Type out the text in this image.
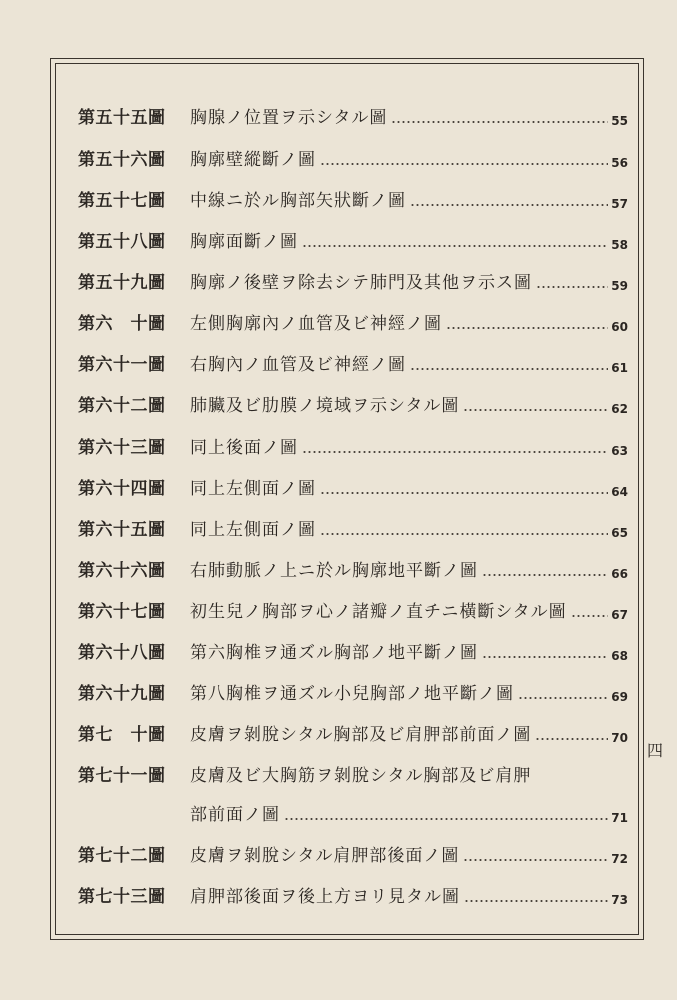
第五十五圖	胸腺ノ位置ヲ示シタル圖	55
第五十六圖	胸廓壁縱斷ノ圖	56
第五十七圖	中線ニ於ル胸部矢狀斷ノ圖	57
第五十八圖	胸廓面斷ノ圖	58
第五十九圖	胸廓ノ後壁ヲ除去シテ肺門及其他ヲ示ス圖	59
第六　十圖	左側胸廓內ノ血管及ビ神經ノ圖	60
第六十一圖	右胸內ノ血管及ビ神經ノ圖	61
第六十二圖	肺臟及ビ肋膜ノ境域ヲ示シタル圖	62
第六十三圖	同上後面ノ圖	63
第六十四圖	同上左側面ノ圖	64
第六十五圖	同上左側面ノ圖	65
第六十六圖	右肺動脈ノ上ニ於ル胸廓地平斷ノ圖	66
第六十七圖	初生兒ノ胸部ヲ心ノ諸瓣ノ直チニ橫斷シタル圖	67
第六十八圖	第六胸椎ヲ通ズル胸部ノ地平斷ノ圖	68
第六十九圖	第八胸椎ヲ通ズル小兒胸部ノ地平斷ノ圖	69
第七　十圖	皮膚ヲ剝脫シタル胸部及ビ肩胛部前面ノ圖	70
第七十一圖	皮膚及ビ大胸筋ヲ剝脫シタル胸部及ビ肩胛
部前面ノ圖	71
第七十二圖	皮膚ヲ剝脫シタル肩胛部後面ノ圖	72
第七十三圖	肩胛部後面ヲ後上方ヨリ見タル圖	73
四
